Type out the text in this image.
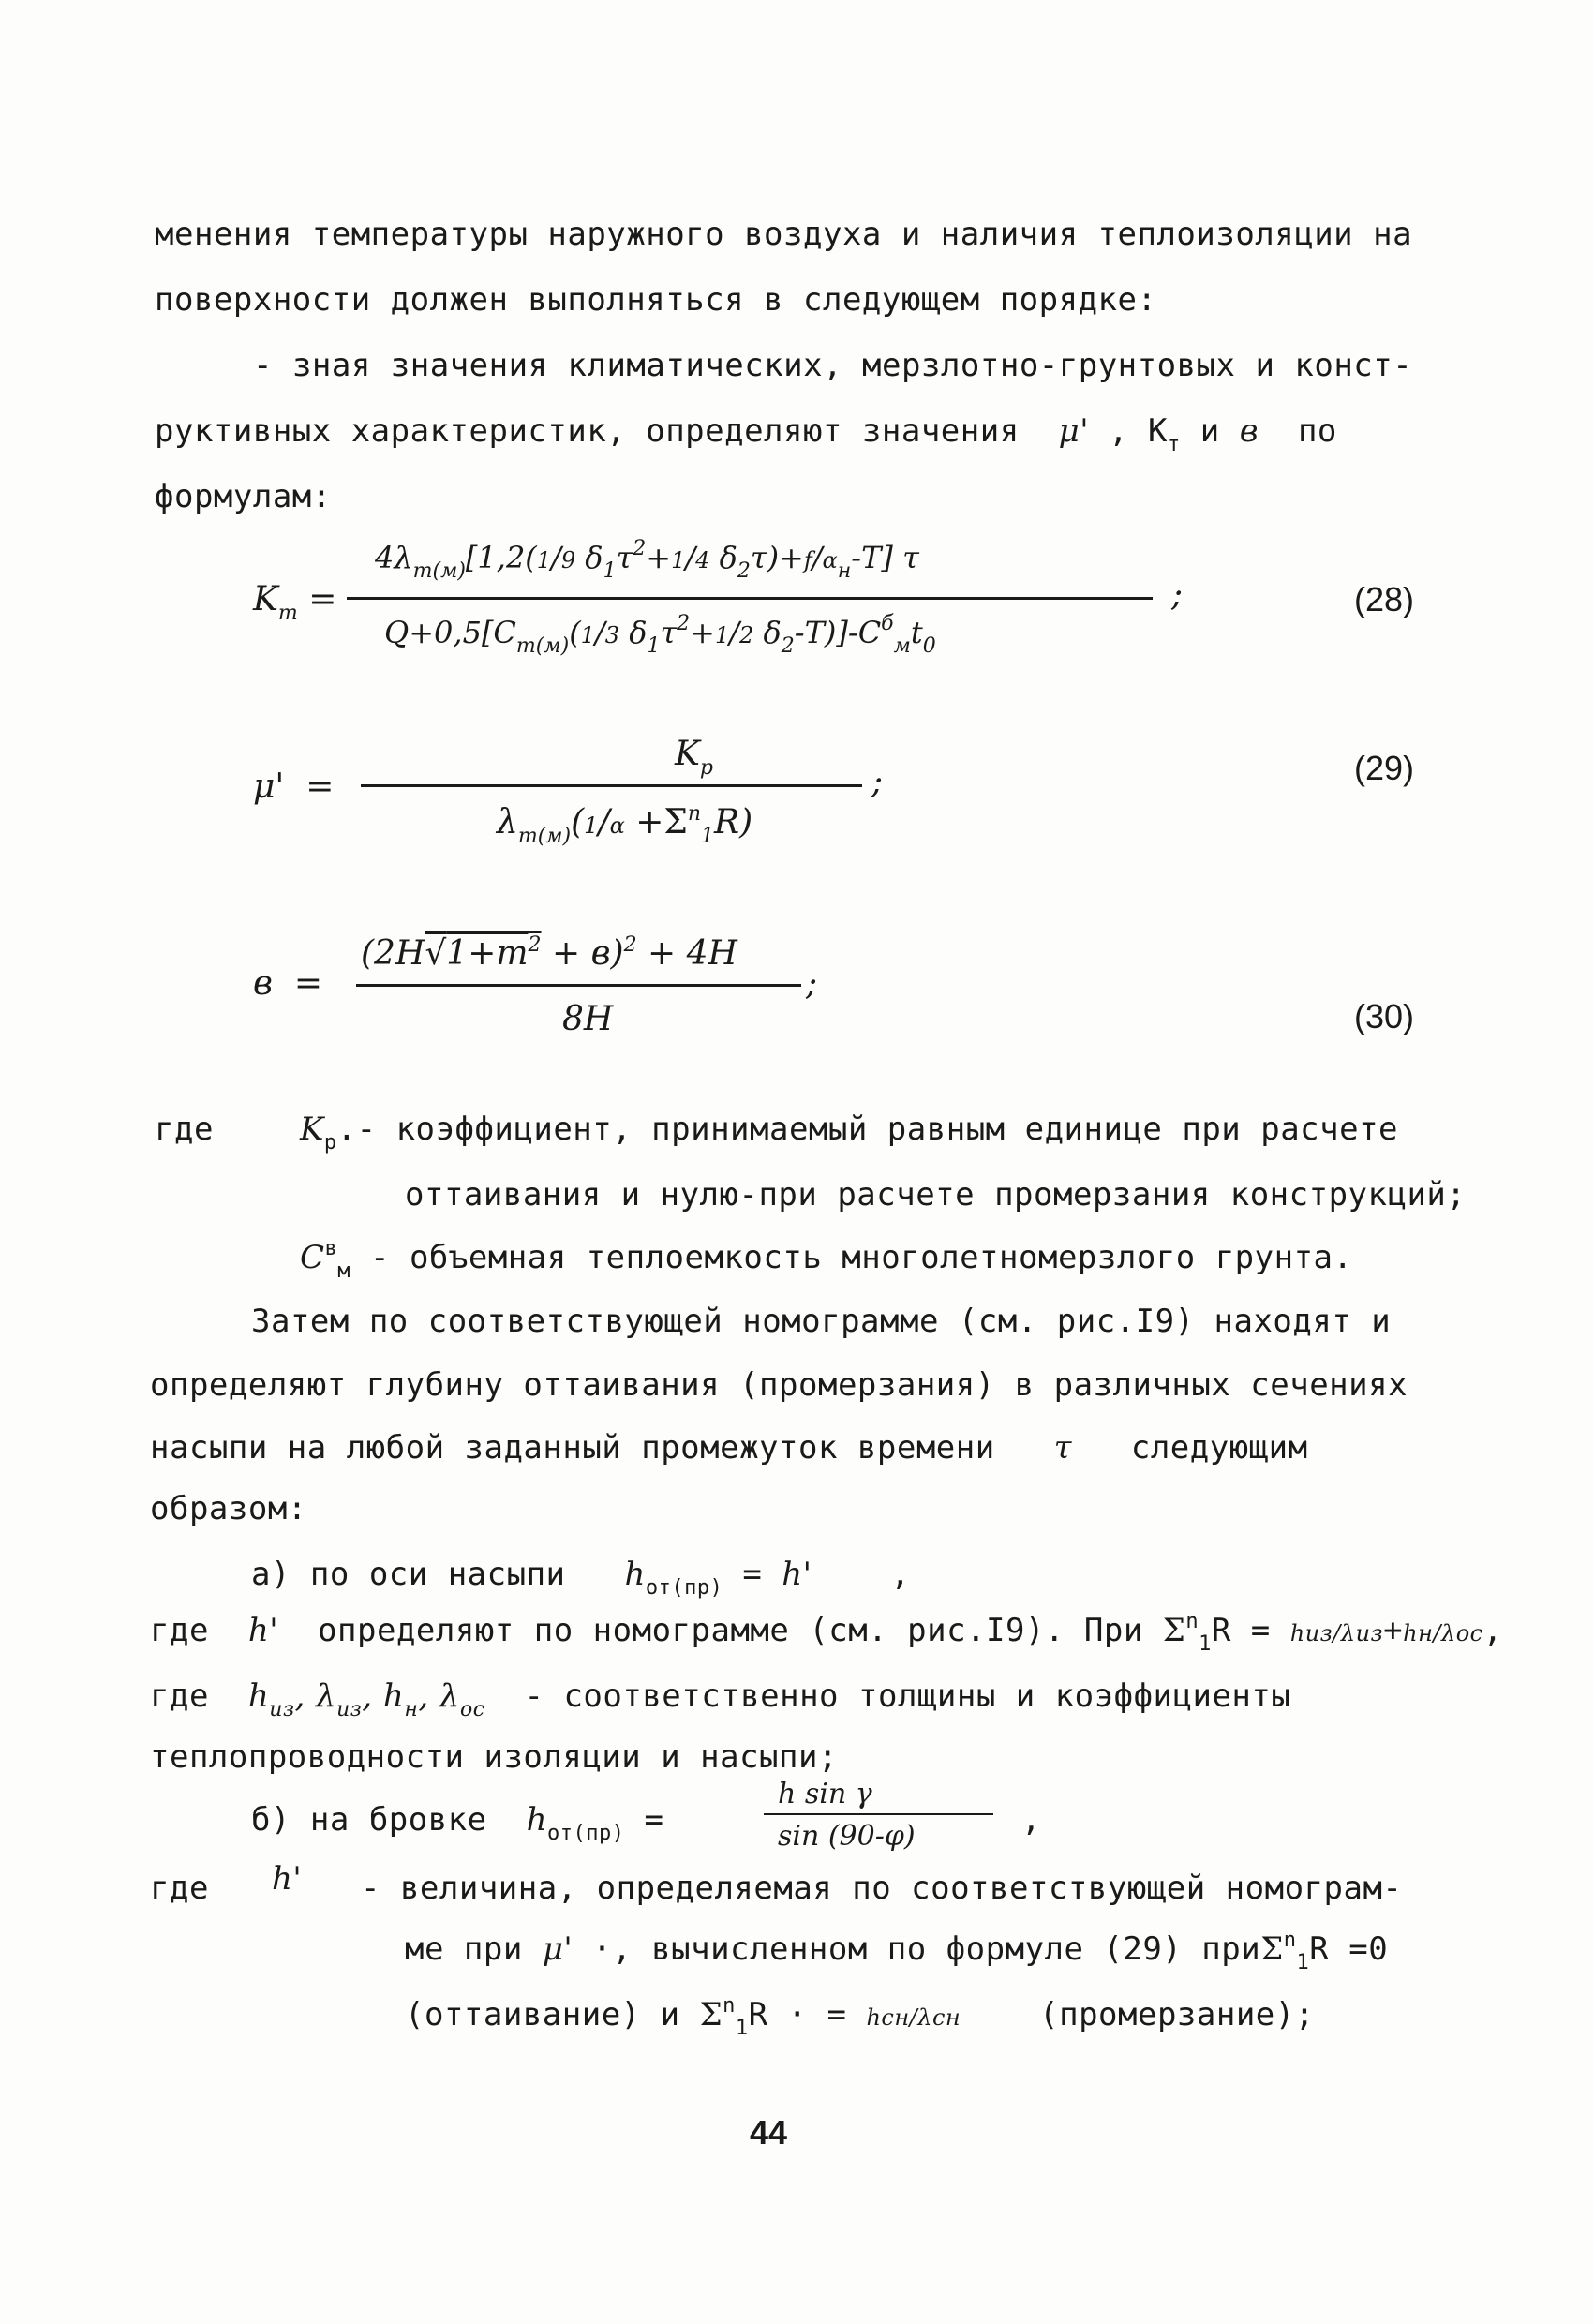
менения температуры наружного воздуха и наличия теплоизоляции на
поверхности должен выполняться в следующем порядке:
- зная значения климатических, мерзлотно-грунтовых и конст-
руктивных характеристик, определяют значения μ' , $K_т$ и в по
формулам:
$K_т$ =
$4\lambda_{т(м)}[1,2(1/9$ $\delta_1\tau^2+1/4$ $\delta_2\tau)+f/\alpha_н-T$] τ
$Q+0,5[C_{т(м)}(1/3$ $\delta_1\tau^2+1/2$ $\delta_2-T)]-C^б_мt_0$
;	(28)
μ' =
$K_p$
$\lambda_{т(м)}(1/\alpha +\Sigma^n_1R)$
;	(29)
в =
$(2H√1+m^2 + в)^2 + 4H$
8H
;
(30)
где	$K_p.-$ коэффициент, принимаемый равным единице при расчете
оттаивания и нулю-при расчете промерзания конструкций;
$C^в_м$ - объемная теплоемкость многолетномерзлого грунта.
Затем по соответствующей номограмме (см. рис.I9) находят и
определяют глубину оттаивания (промерзания) в различных сечениях
насыпи на любой заданный промежуток времени τ следующим
образом:
а) по оси насыпи $h_{от(пр)} = h'$ ,
где h' определяют по номограмме (см. рис.I9). При $\Sigma^n_1R = hиз/\lambda из+hн/\lambda ос$,
где $h_{из}$, $\lambda_{из}$, $h_н$, $\lambda_{ос}$ - соответственно толщины и коэффициенты
теплопроводности изоляции и насыпи;
б) на бровке $h_{от(пр)}$ =
h sin γ
sin (90-φ)	,
где h' - величина, определяемая по соответствующей номограм-
ме при μ' ·, вычисленном по формуле (29) приΣ$^n_1$R =0
(оттаивание) и $\Sigma^n_1R$ · = hсн/λсн (промерзание);
44
